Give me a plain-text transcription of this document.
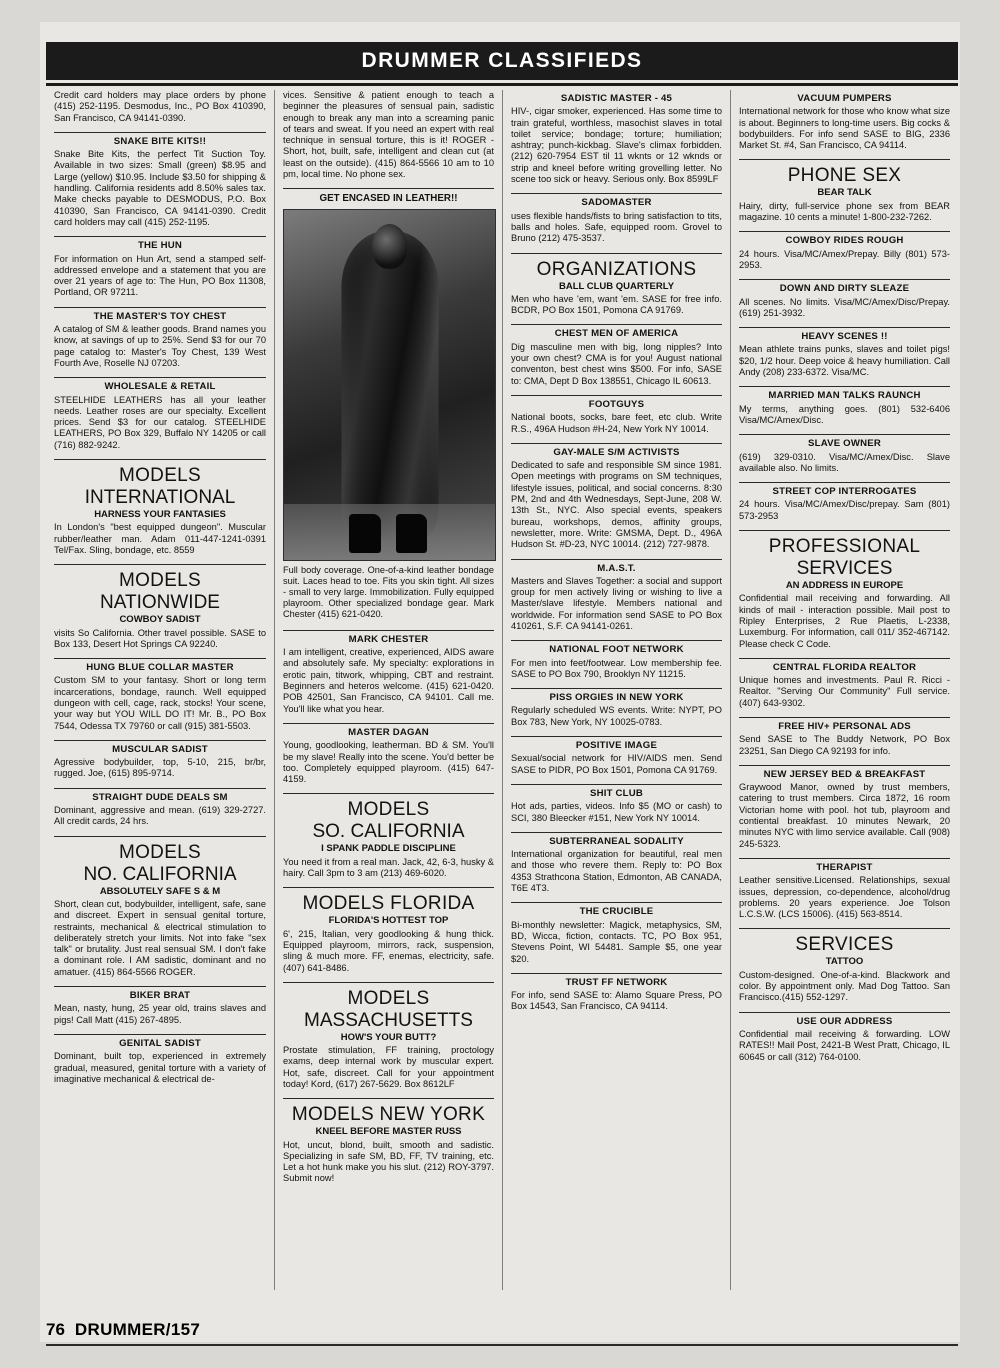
DRUMMER CLASSIFIEDS

Credit card holders may place orders by phone (415) 252-1195. Desmodus, Inc., PO Box 410390, San Francisco, CA 94141-0390.

SNAKE BITE KITS!!

Snake Bite Kits, the perfect Tit Suction Toy. Available in two sizes: Small (green) $8.95 and Large (yellow) $10.95. Include $3.50 for shipping & handling. California residents add 8.50% sales tax. Make checks payable to DESMODUS, P.O. Box 410390, San Francisco, CA 94141-0390. Credit card holders may call (415) 252-1195.

THE HUN

For information on Hun Art, send a stamped self-addressed envelope and a statement that you are over 21 years of age to: The Hun, PO Box 11308, Portland, OR 97211.

THE MASTER'S TOY CHEST

A catalog of SM & leather goods. Brand names you know, at savings of up to 25%. Send $3 for our 70 page catalog to: Master's Toy Chest, 139 West Fourth Ave, Roselle NJ 07203.

WHOLESALE & RETAIL

STEELHIDE LEATHERS has all your leather needs. Leather roses are our specialty. Excellent prices. Send $3 for our catalog. STEELHIDE LEATHERS, PO Box 329, Buffalo NY 14205 or call (716) 882-9242.

MODELS
INTERNATIONAL
HARNESS YOUR FANTASIES

In London's "best equipped dungeon". Muscular rubber/leather man. Adam 011-447-1241-0391 Tel/Fax. Sling, bondage, etc. 8559

MODELS
NATIONWIDE
COWBOY SADIST

visits So California. Other travel possible. SASE to Box 133, Desert Hot Springs CA 92240.

HUNG BLUE COLLAR MASTER

Custom SM to your fantasy. Short or long term incarcerations, bondage, raunch. Well equipped dungeon with cell, cage, rack, stocks! Your scene, your way but YOU WILL DO IT! Mr. B., PO Box 7544, Odessa TX 79760 or call (915) 381-5503.

MUSCULAR SADIST

Agressive bodybuilder, top, 5-10, 215, br/br, rugged. Joe, (615) 895-9714.

STRAIGHT DUDE DEALS SM

Dominant, aggressive and mean. (619) 329-2727. All credit cards, 24 hrs.

MODELS
NO. CALIFORNIA
ABSOLUTELY SAFE S & M

Short, clean cut, bodybuilder, intelligent, safe, sane and discreet. Expert in sensual genital torture, restraints, mechanical & electrical stimulation to deliberately stretch your limits. Not into fake "sex talk" or brutality. Just real sensual SM. I don't fake a dominant role. I AM sadistic, dominant and no amatuer. (415) 864-5566 ROGER.

BIKER BRAT

Mean, nasty, hung, 25 year old, trains slaves and pigs! Call Matt (415) 267-4895.

GENITAL SADIST

Dominant, built top, experienced in extremely gradual, measured, genital torture with a variety of imaginative mechanical & electrical de-

vices. Sensitive & patient enough to teach a beginner the pleasures of sensual pain, sadistic enough to break any man into a screaming panic of tears and sweat. If you need an expert with real technique in sensual torture, this is it! ROGER - Short, hot, built, safe, intelligent and clean cut (at least on the outside). (415) 864-5566 10 am to 10 pm, local time. No phone sex.

GET ENCASED IN LEATHER!!

Full body coverage. One-of-a-kind leather bondage suit. Laces head to toe. Fits you skin tight. All sizes - small to very large. Immobilization. Fully equipped playroom. Other specialized bondage gear. Mark Chester (415) 621-0420.

MARK CHESTER

I am intelligent, creative, experienced, AIDS aware and absolutely safe. My specialty: explorations in erotic pain, titwork, whipping, CBT and restraint. Beginners and heteros welcome. (415) 621-0420. POB 42501, San Francisco, CA 94101. Call me. You'll like what you hear.

MASTER DAGAN

Young, goodlooking, leatherman. BD & SM. You'll be my slave! Really into the scene. You'd better be too. Completely equipped playroom. (415) 647-4159.

MODELS
SO. CALIFORNIA
I SPANK PADDLE DISCIPLINE

You need it from a real man. Jack, 42, 6-3, husky & hairy. Call 3pm to 3 am (213) 469-6020.

MODELS FLORIDA
FLORIDA'S HOTTEST TOP

6', 215, Italian, very goodlooking & hung thick. Equipped playroom, mirrors, rack, suspension, sling & much more. FF, enemas, electricity, safe. (407) 641-8486.

MODELS
MASSACHUSETTS
HOW'S YOUR BUTT?

Prostate stimulation, FF training, proctology exams, deep internal work by muscular expert. Hot, safe, discreet. Call for your appointment today! Kord, (617) 267-5629. Box 8612LF

MODELS NEW YORK
KNEEL BEFORE MASTER RUSS

Hot, uncut, blond, built, smooth and sadistic. Specializing in safe SM, BD, FF, TV training, etc. Let a hot hunk make you his slut. (212) ROY-3797. Submit now!

SADISTIC MASTER - 45

HIV-, cigar smoker, experienced. Has some time to train grateful, worthless, masochist slaves in total toilet service; bondage; torture; humiliation; ashtray; punch-kickbag. Slave's climax forbidden. (212) 620-7954 EST til 11 wknts or 12 wknds or strip and kneel before writing grovelling letter. No scene too sick or heavy. Serious only. Box 8599LF

SADOMASTER

uses flexible hands/fists to bring satisfaction to tits, balls and holes. Safe, equipped room. Grovel to Bruno (212) 475-3537.

ORGANIZATIONS
BALL CLUB QUARTERLY

Men who have 'em, want 'em. SASE for free info. BCDR, PO Box 1501, Pomona CA 91769.

CHEST MEN OF AMERICA

Dig masculine men with big, long nipples? Into your own chest? CMA is for you! August national conventon, best chest wins $500. For info, SASE to: CMA, Dept D Box 138551, Chicago IL 60613.

FOOTGUYS

National boots, socks, bare feet, etc club. Write R.S., 496A Hudson #H-24, New York NY 10014.

GAY-MALE S/M ACTIVISTS

Dedicated to safe and responsible SM since 1981. Open meetings with programs on SM techniques, lifestyle issues, political, and social concerns. 8:30 PM, 2nd and 4th Wednesdays, Sept-June, 208 W. 13th St., NYC. Also special events, speakers bureau, workshops, demos, affinity groups, newsletter, more. Write: GMSMA, Dept. D., 496A Hudson St. #D-23, NYC 10014. (212) 727-9878.

M.A.S.T.

Masters and Slaves Together: a social and support group for men actively living or wishing to live a Master/slave lifestyle. Members national and worldwide. For information send SASE to PO Box 410261, S.F. CA 94141-0261.

NATIONAL FOOT NETWORK

For men into feet/footwear. Low membership fee. SASE to PO Box 790, Brooklyn NY 11215.

PISS ORGIES IN NEW YORK

Regularly scheduled WS events. Write: NYPT, PO Box 783, New York, NY 10025-0783.

POSITIVE IMAGE

Sexual/social network for HIV/AIDS men. Send SASE to PIDR, PO Box 1501, Pomona CA 91769.

SHIT CLUB

Hot ads, parties, videos. Info $5 (MO or cash) to SCI, 380 Bleecker #151, New York NY 10014.

SUBTERRANEAL SODALITY

International organization for beautiful, real men and those who revere them. Reply to: PO Box 4353 Strathcona Station, Edmonton, AB CANADA, T6E 4T3.

THE CRUCIBLE

Bi-monthly newsletter: Magick, metaphysics, SM, BD, Wicca, fiction, contacts. TC, PO Box 951, Stevens Point, WI 54481. Sample $5, one year $20.

TRUST FF NETWORK

For info, send SASE to: Alamo Square Press, PO Box 14543, San Francisco, CA 94114.

VACUUM PUMPERS

International network for those who know what size is about. Beginners to long-time users. Big cocks & bodybuilders. For info send SASE to BIG, 2336 Market St. #4, San Francisco, CA 94114.

PHONE SEX
BEAR TALK

Hairy, dirty, full-service phone sex from BEAR magazine. 10 cents a minute! 1-800-232-7262.

COWBOY RIDES ROUGH

24 hours. Visa/MC/Amex/Prepay. Billy (801) 573-2953.

DOWN AND DIRTY SLEAZE

All scenes. No limits. Visa/MC/Amex/Disc/Prepay. (619) 251-3932.

HEAVY SCENES !!

Mean athlete trains punks, slaves and toilet pigs! $20, 1/2 hour. Deep voice & heavy humiliation. Call Andy (208) 233-6372. Visa/MC.

MARRIED MAN TALKS RAUNCH

My terms, anything goes. (801) 532-6406 Visa/MC/Amex/Disc.

SLAVE OWNER

(619) 329-0310. Visa/MC/Amex/Disc. Slave available also. No limits.

STREET COP INTERROGATES

24 hours. Visa/MC/Amex/Disc/prepay. Sam (801) 573-2953

PROFESSIONAL
SERVICES
AN ADDRESS IN EUROPE

Confidential mail receiving and forwarding. All kinds of mail - interaction possible. Mail post to Ripley Enterprises, 2 Rue Plaetis, L-2338, Luxemburg. For information, call 011/ 352-467142. Please check C Code.

CENTRAL FLORIDA REALTOR

Unique homes and investments. Paul R. Ricci - Realtor. "Serving Our Community" Full service. (407) 643-9302.

FREE HIV+ PERSONAL ADS

Send SASE to The Buddy Network, PO Box 23251, San Diego CA 92193 for info.

NEW JERSEY BED & BREAKFAST

Graywood Manor, owned by trust members, catering to trust members. Circa 1872, 16 room Victorian home with pool. hot tub, playroom and contiental breakfast. 10 minutes Newark, 20 minutes NYC with limo service available. Call (908) 245-5323.

THERAPIST

Leather sensitive.Licensed. Relationships, sexual issues, depression, co-dependence, alcohol/drug problems. 20 years experience. Joe Tolson L.C.S.W. (LCS 15006). (415) 563-8514.

SERVICES
TATTOO

Custom-designed. One-of-a-kind. Blackwork and color. By appointment only. Mad Dog Tattoo. San Francisco.(415) 552-1297.

USE OUR ADDRESS

Confidential mail receiving & forwarding. LOW RATES!! Mail Post, 2421-B West Pratt, Chicago, IL 60645 or call (312) 764-0100.

76 DRUMMER/157
